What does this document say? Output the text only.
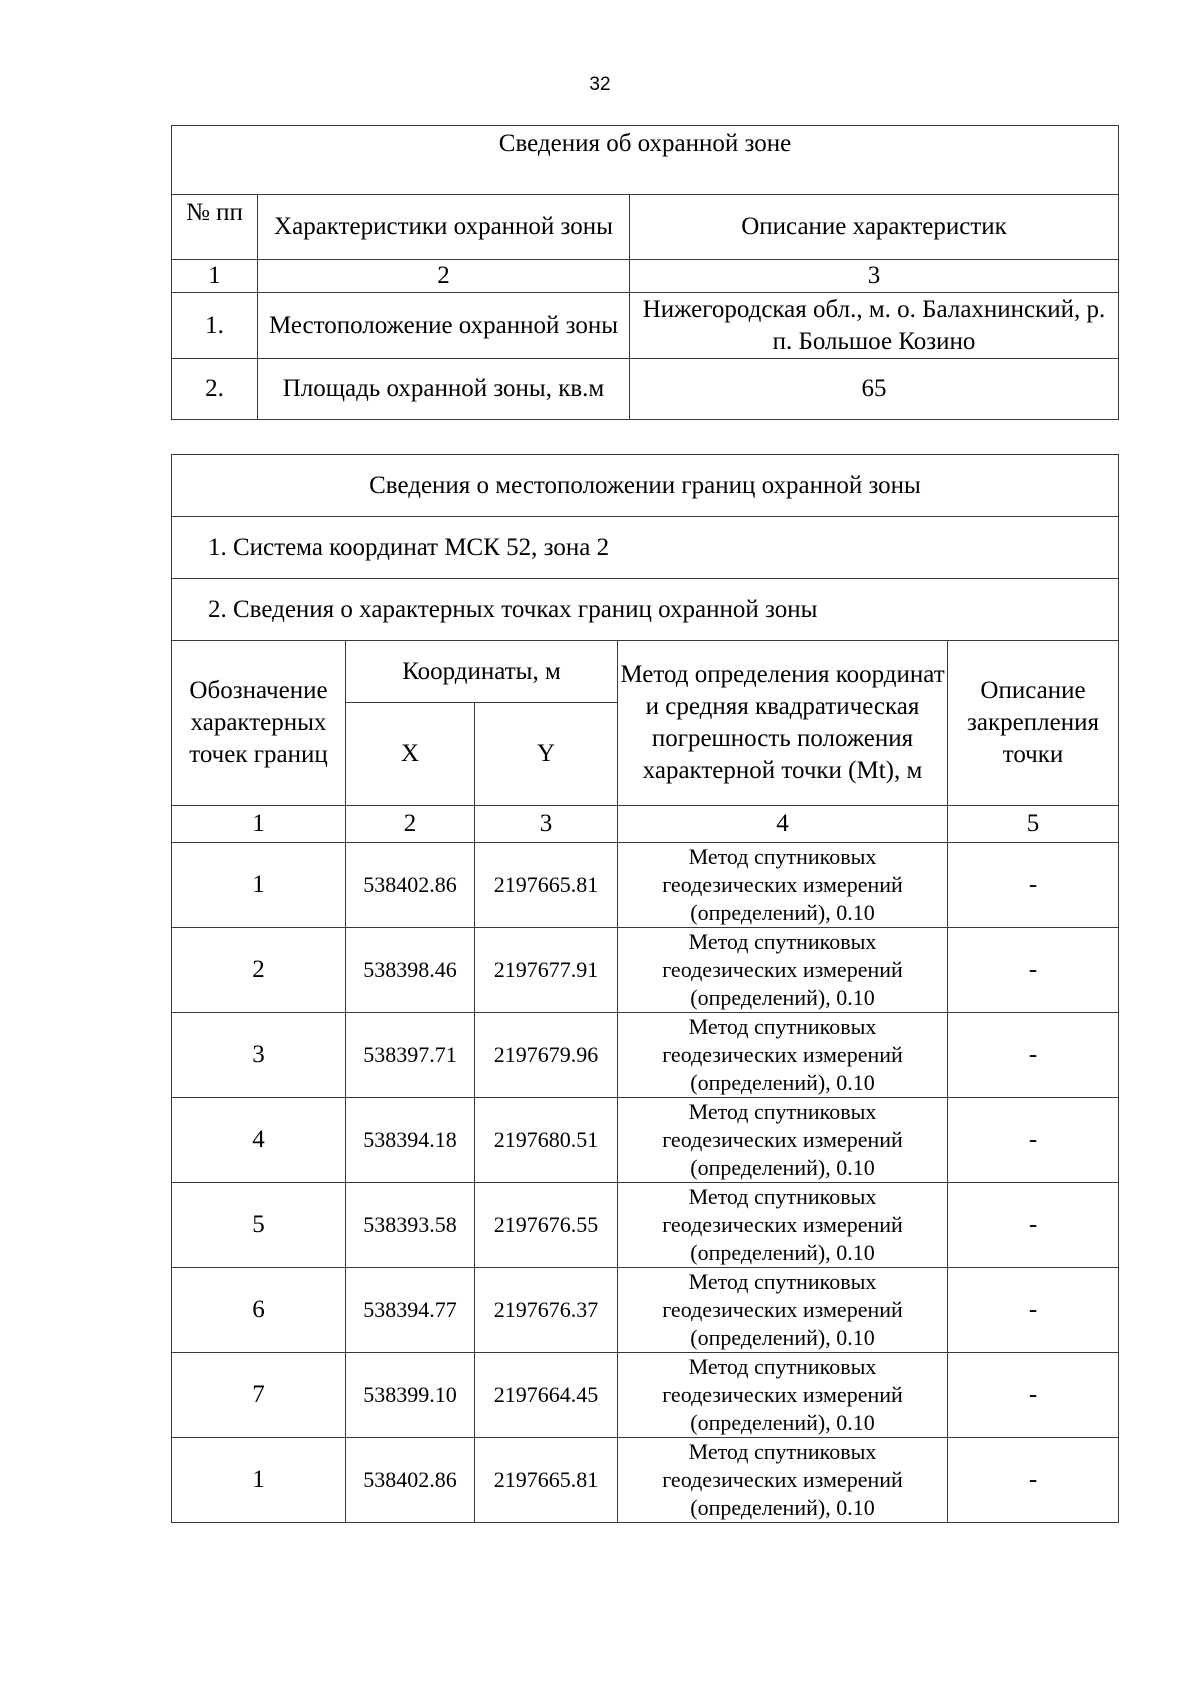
32
Сведения об охранной зоне		
№ пп	Характеристики охранной зоны	Описание характеристик
1	2	3
1.	Местоположение охранной зоны	Нижегородская обл., м. о. Балахнинский, р. п. Большое Козино
2.	Площадь охранной зоны, кв.м	65
Сведения о местоположении границ охранной зоны				
1. Система координат МСК 52, зона 2				
2. Сведения о характерных точках границ охранной зоны				
Обозначение характерных точек границ	Координаты, м		Метод определения координат и средняя квадратическая погрешность положения характерной точки (Mt), м	Описание закрепления точки
	X	Y		
1	2	3	4	5
1	538402.86	2197665.81	Метод спутниковых геодезических измерений (определений), 0.10	-
2	538398.46	2197677.91	Метод спутниковых геодезических измерений (определений), 0.10	-
3	538397.71	2197679.96	Метод спутниковых геодезических измерений (определений), 0.10	-
4	538394.18	2197680.51	Метод спутниковых геодезических измерений (определений), 0.10	-
5	538393.58	2197676.55	Метод спутниковых геодезических измерений (определений), 0.10	-
6	538394.77	2197676.37	Метод спутниковых геодезических измерений (определений), 0.10	-
7	538399.10	2197664.45	Метод спутниковых геодезических измерений (определений), 0.10	-
1	538402.86	2197665.81	Метод спутниковых геодезических измерений (определений), 0.10	-
